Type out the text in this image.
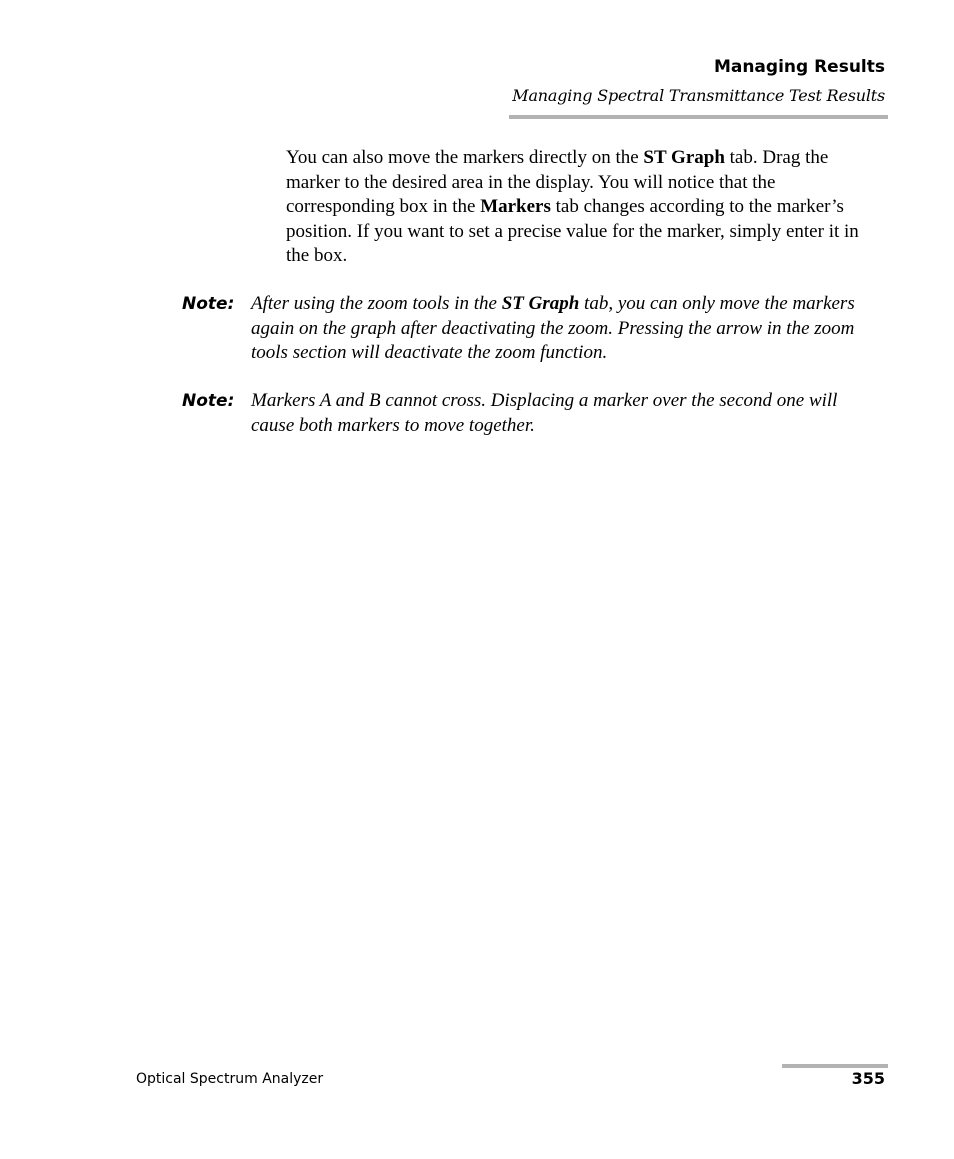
Managing Results
Managing Spectral Transmittance Test Results
You can also move the markers directly on the ST Graph tab. Drag the marker to the desired area in the display. You will notice that the corresponding box in the Markers tab changes according to the marker’s position. If you want to set a precise value for the marker, simply enter it in the box.
Note: After using the zoom tools in the ST Graph tab, you can only move the markers again on the graph after deactivating the zoom. Pressing the arrow in the zoom tools section will deactivate the zoom function.
Note: Markers A and B cannot cross. Displacing a marker over the second one will cause both markers to move together.
Optical Spectrum Analyzer	355
